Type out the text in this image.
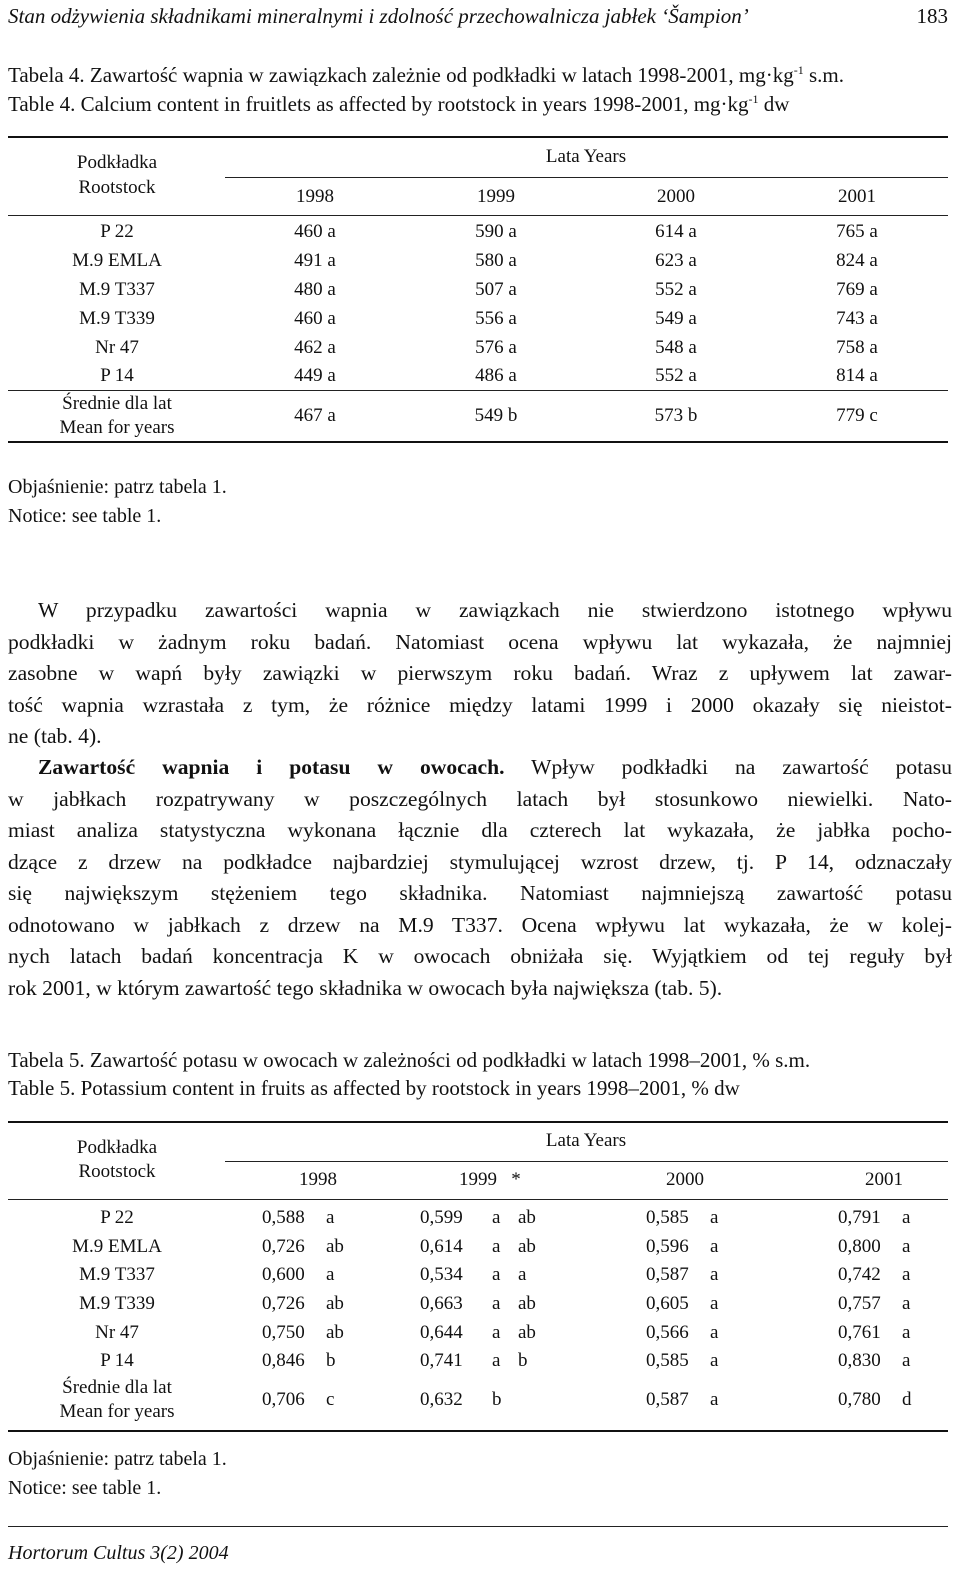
Stan odżywienia składnikami mineralnymi i zdolność przechowalnicza jabłek ‘Šampion’	183
Tabela 4. Zawartość wapnia w zawiązkach zależnie od podkładki w latach 1998-2001, $mg\cdot kg^{-1}$ s.m.
Table 4. Calcium content in fruitlets as affected by rootstock in years 1998-2001, $mg\cdot kg^{-1}$ dw
Podkładka
Rootstock
Lata Years
1998	1999	2000	2001
P 22	460 a	590 a	614 a	765 a
M.9 EMLA	491 a	580 a	623 a	824 a
M.9 T337	480 a	507 a	552 a	769 a
M.9 T339	460 a	556 a	549 a	743 a
Nr 47	462 a	576 a	548 a	758 a
P 14	449 a	486 a	552 a	814 a
Średnie dla lat
Mean for years
467 a	549 b	573 b	779 c
Objaśnienie: patrz tabela 1.
Notice: see table 1.
W przypadku zawartości wapnia w zawiązkach nie stwierdzono istotnego wpływu
podkładki w żadnym roku badań. Natomiast ocena wpływu lat wykazała, że najmniej
zasobne w wapń były zawiązki w pierwszym roku badań. Wraz z upływem lat zawar-
tość wapnia wzrastała z tym, że różnice między latami 1999 i 2000 okazały się nieistot-
ne (tab. 4).
Zawartość wapnia i potasu w owocach. Wpływ podkładki na zawartość potasu
w jabłkach rozpatrywany w poszczególnych latach był stosunkowo niewielki. Nato-
miast analiza statystyczna wykonana łącznie dla czterech lat wykazała, że jabłka pocho-
dzące z drzew na podkładce najbardziej stymulującej wzrost drzew, tj. P 14, odznaczały
się największym stężeniem tego składnika. Natomiast najmniejszą zawartość potasu
odnotowano w jabłkach z drzew na M.9 T337. Ocena wpływu lat wykazała, że w kolej-
nych latach badań koncentracja K w owocach obniżała się. Wyjątkiem od tej reguły był
rok 2001, w którym zawartość tego składnika w owocach była największa (tab. 5).
Tabela 5. Zawartość potasu w owocach w zależności od podkładki w latach 1998–2001, % s.m.
Table 5. Potassium content in fruits as affected by rootstock in years 1998–2001, % dw
Podkładka
Rootstock
Lata Years
1998	1999 *	2000	2001
P 22	0,588 a	0,599 a ab	0,585 a	0,791 a
M.9 EMLA	0,726 ab	0,614 a ab	0,596 a	0,800 a
M.9 T337	0,600 a	0,534 a a	0,587 a	0,742 a
M.9 T339	0,726 ab	0,663 a ab	0,605 a	0,757 a
Nr 47	0,750 ab	0,644 a ab	0,566 a	0,761 a
P 14	0,846 b	0,741 a b	0,585 a	0,830 a
Średnie dla lat
Mean for years
0,706 c	0,632 b	0,587 a	0,780 d
Objaśnienie: patrz tabela 1.
Notice: see table 1.
Hortorum Cultus 3(2) 2004
